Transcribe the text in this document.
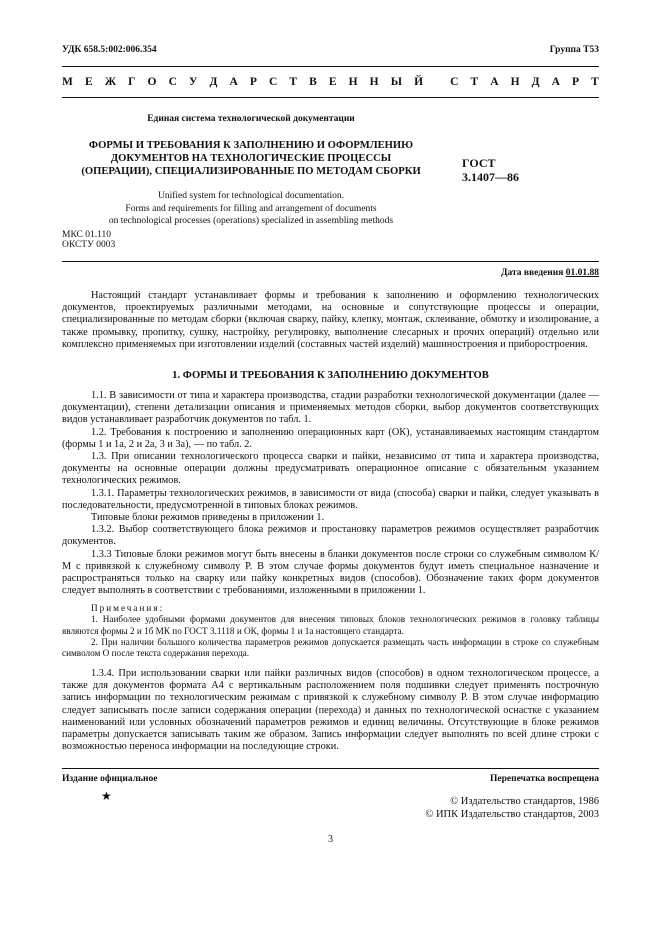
УДК 658.5:002:006.354	Группа Т53
М Е Ж Г О С У Д А Р С Т В Е Н Н Ы Й
С Т А Н Д А Р Т
Единая система технологической документации
ФОРМЫ И ТРЕБОВАНИЯ К ЗАПОЛНЕНИЮ И ОФОРМЛЕНИЮ
ДОКУМЕНТОВ НА ТЕХНОЛОГИЧЕСКИЕ ПРОЦЕССЫ
(ОПЕРАЦИИ), СПЕЦИАЛИЗИРОВАННЫЕ ПО МЕТОДАМ СБОРКИ
ГОСТ
3.1407—86
Unified system for technological documentation.
Forms and requirements for filling and arrangement of documents
on technological processes (operations) specialized in assembling methods
МКС 01.110
ОКСТУ 0003
Дата введения 01.01.88

Настоящий стандарт устанавливает формы и требования к заполнению и оформлению технологических документов, проектируемых различными методами, на основные и сопутствующие процессы и операции, специализированные по методам сборки (включая сварку, пайку, клепку, монтаж, склеивание, обмотку и изолирование, а также промывку, пропитку, сушку, настройку, регулировку, выполнение слесарных и прочих операций) отдельно или комплексно применяемых при изготовлении изделий (составных частей изделий) машиностроения и приборостроения.

1. ФОРМЫ И ТРЕБОВАНИЯ К ЗАПОЛНЕНИЮ ДОКУМЕНТОВ

1.1. В зависимости от типа и характера производства, стадии разработки технологической документации (далее — документации), степени детализации описания и применяемых методов сборки, выбор документов соответствующих видов устанавливает разработчик документов по табл. 1.

1.2. Требования к построению и заполнению операционных карт (ОК), устанавливаемых настоящим стандартом (формы 1 и 1а, 2 и 2а, 3 и 3а), — по табл. 2.

1.3. При описании технологического процесса сварки и пайки, независимо от типа и характера производства, документы на основные операции должны предусматривать операционное описание с обязательным указанием технологических режимов.

1.3.1. Параметры технологических режимов, в зависимости от вида (способа) сварки и пайки, следует указывать в последовательности, предусмотренной в типовых блоках режимов.

Типовые блоки режимов приведены в приложении 1.

1.3.2. Выбор соответствующего блока режимов и простановку параметров режимов осуществляет разработчик документов.

1.3.3 Типовые блоки режимов могут быть внесены в бланки документов после строки со служебным символом К/М с привязкой к служебному символу Р. В этом случае формы документов будут иметь специальное назначение и распространяться только на сварку или пайку конкретных видов (способов). Обозначение таких форм документов следует выполнять в соответствии с требованиями, изложенными в приложении 1.

Примечания:

1. Наиболее удобными формами документов для внесения типовых блоков технологических режимов в головку таблицы являются формы 2 и 1б МК по ГОСТ 3.1118 и ОК, формы 1 и 1а настоящего стандарта.

2. При наличии большого количества параметров режимов допускается размещать часть информации в строке со служебным символом О после текста содержания перехода.

1.3.4. При использовании сварки или пайки различных видов (способов) в одном технологическом процессе, а также для документов формата А4 с вертикальным расположением поля подшивки следует применять построчную запись информации по технологическим режимам с привязкой к служебному символу Р. В этом случае информацию следует записывать после записи содержания операции (перехода) и данных по технологической оснастке с указанием наименований или условных обозначений параметров режимов и единиц величины. Отсутствующие в блоке режимов параметры допускается записывать таким же образом. Запись информации следует выполнять по всей длине строки с возможностью переноса информации на последующие строки.

Издание официальное	Перепечатка воспрещена
★	© Издательство стандартов, 1986
© ИПК Издательство стандартов, 2003
3
